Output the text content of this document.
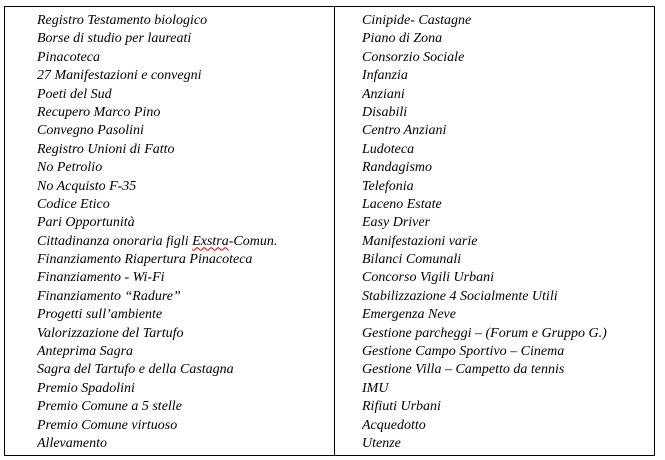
Registro Testamento biologico
Borse di studio per laureati
Pinacoteca
27 Manifestazioni e convegni
Poeti del Sud
Recupero Marco Pino
Convegno Pasolini
Registro Unioni di Fatto
No Petrolio
No Acquisto F-35
Codice Etico
Pari Opportunità
Cittadinanza onoraria figli Exstra-Comun.
Finanziamento Riapertura Pinacoteca
Finanziamento - Wi-Fi
Finanziamento “Radure”
Progetti sull’ambiente
Valorizzazione del Tartufo
Anteprima Sagra
Sagra del Tartufo e della Castagna
Premio Spadolini
Premio Comune a 5 stelle
Premio Comune virtuoso
Allevamento
Cinipide- Castagne
Piano di Zona
Consorzio Sociale
Infanzia
Anziani
Disabili
Centro Anziani
Ludoteca
Randagismo
Telefonia
Laceno Estate
Easy Driver
Manifestazioni varie
Bilanci Comunali
Concorso Vigili Urbani
Stabilizzazione 4 Socialmente Utili
Emergenza Neve
Gestione parcheggi – (Forum e Gruppo G.)
Gestione Campo Sportivo – Cinema
Gestione Villa – Campetto da tennis
IMU
Rifiuti Urbani
Acquedotto
Utenze
